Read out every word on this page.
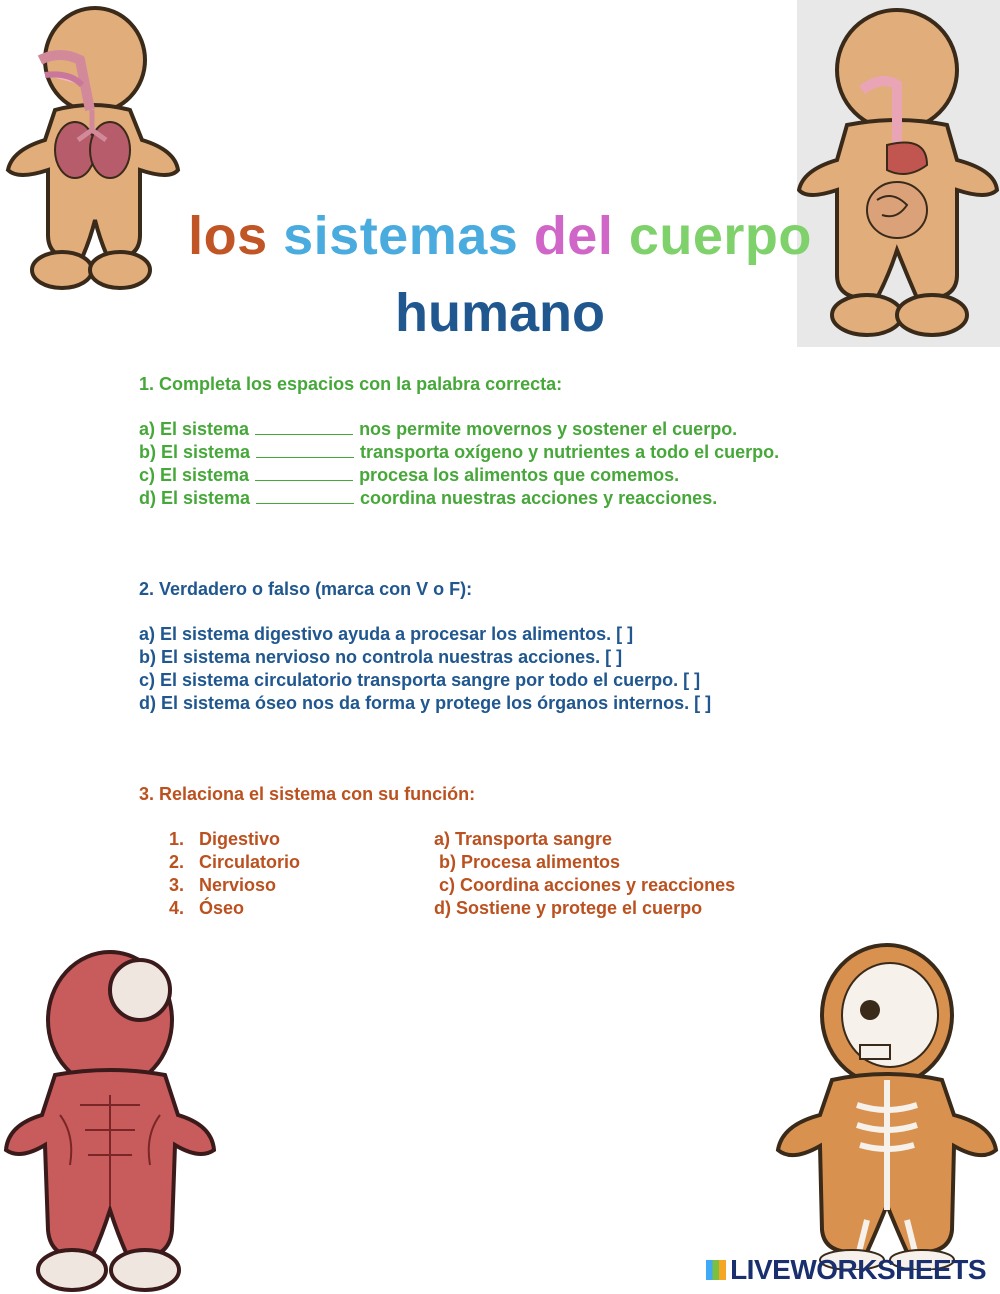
los sistemas del cuerpo
humano
1. Completa los espacios con la palabra correcta:
a) El sistema	nos permite movernos y sostener el cuerpo.
b) El sistema	transporta oxígeno y nutrientes a todo el cuerpo.
c) El sistema	procesa los alimentos que comemos.
d) El sistema	coordina nuestras acciones y reacciones.
2. Verdadero o falso (marca con V o F):
a) El sistema digestivo ayuda a procesar los alimentos. [ ]
b) El sistema nervioso no controla nuestras acciones. [ ]
c) El sistema circulatorio transporta sangre por todo el cuerpo. [ ]
d) El sistema óseo nos da forma y protege los órganos internos. [ ]
3. Relaciona el sistema con su función:
1. Digestivo	a) Transporta sangre
2. Circulatorio	b) Procesa alimentos
3. Nervioso	c) Coordina acciones y reacciones
4. Óseo	d) Sostiene y protege el cuerpo
LIVEWORKSHEETS
